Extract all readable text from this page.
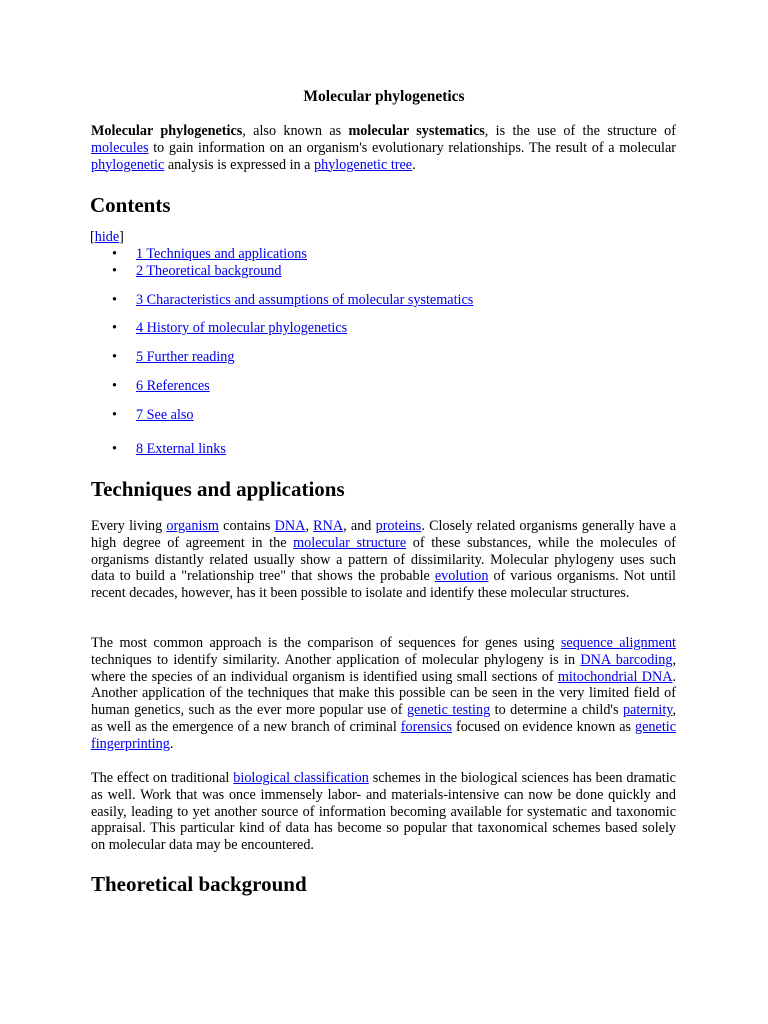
Molecular phylogenetics

Molecular phylogenetics, also known as molecular systematics, is the use of the structure of molecules to gain information on an organism's evolutionary relationships. The result of a molecular phylogenetic analysis is expressed in a phylogenetic tree.

Contents
[hide]
• 1 Techniques and applications
• 2 Theoretical background
• 3 Characteristics and assumptions of molecular systematics
• 4 History of molecular phylogenetics
• 5 Further reading
• 6 References
• 7 See also
• 8 External links
Techniques and applications

Every living organism contains DNA, RNA, and proteins. Closely related organisms generally have a high degree of agreement in the molecular structure of these substances, while the molecules of organisms distantly related usually show a pattern of dissimilarity. Molecular phylogeny uses such data to build a "relationship tree" that shows the probable evolution of various organisms. Not until recent decades, however, has it been possible to isolate and identify these molecular structures.

The most common approach is the comparison of sequences for genes using sequence alignment techniques to identify similarity. Another application of molecular phylogeny is in DNA barcoding, where the species of an individual organism is identified using small sections of mitochondrial DNA. Another application of the techniques that make this possible can be seen in the very limited field of human genetics, such as the ever more popular use of genetic testing to determine a child's paternity, as well as the emergence of a new branch of criminal forensics focused on evidence known as genetic fingerprinting.

The effect on traditional biological classification schemes in the biological sciences has been dramatic as well. Work that was once immensely labor- and materials-intensive can now be done quickly and easily, leading to yet another source of information becoming available for systematic and taxonomic appraisal. This particular kind of data has become so popular that taxonomical schemes based solely on molecular data may be encountered.

Theoretical background
